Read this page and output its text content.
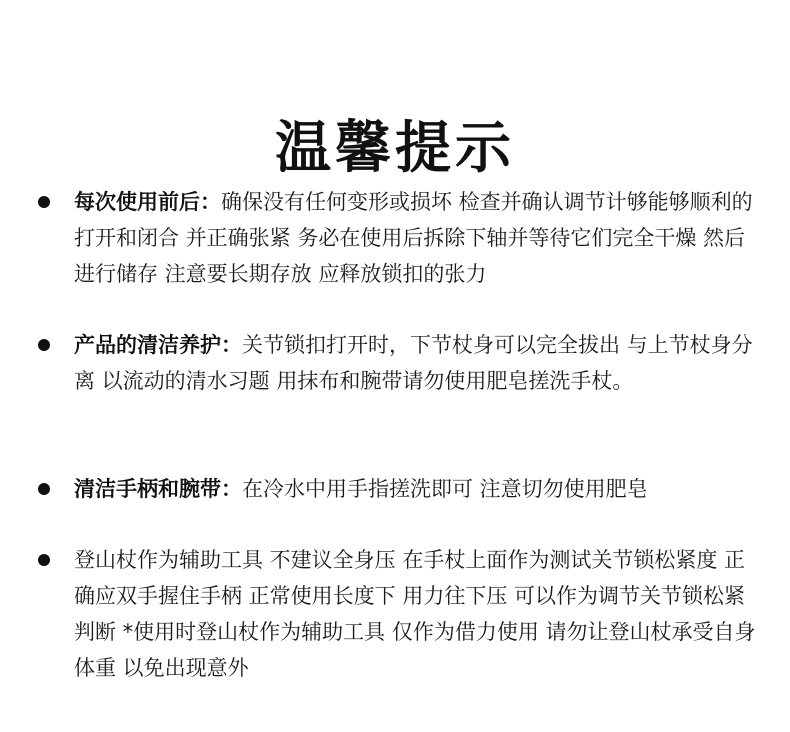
温馨提示
每次使用前后：确保没有任何变形或损坏 检查并确认调节计够能够顺利的打开和闭合 并正确张紧 务必在使用后拆除下轴并等待它们完全干燥 然后进行储存 注意要长期存放 应释放锁扣的张力
产品的清洁养护：关节锁扣打开时，下节杖身可以完全拔出 与上节杖身分离 以流动的清水习题 用抹布和腕带请勿使用肥皂搓洗手杖。
清洁手柄和腕带：在冷水中用手指搓洗即可 注意切勿使用肥皂
登山杖作为辅助工具 不建议全身压 在手杖上面作为测试关节锁松紧度 正确应双手握住手柄 正常使用长度下 用力往下压 可以作为调节关节锁松紧判断 *使用时登山杖作为辅助工具 仅作为借力使用 请勿让登山杖承受自身体重 以免出现意外
